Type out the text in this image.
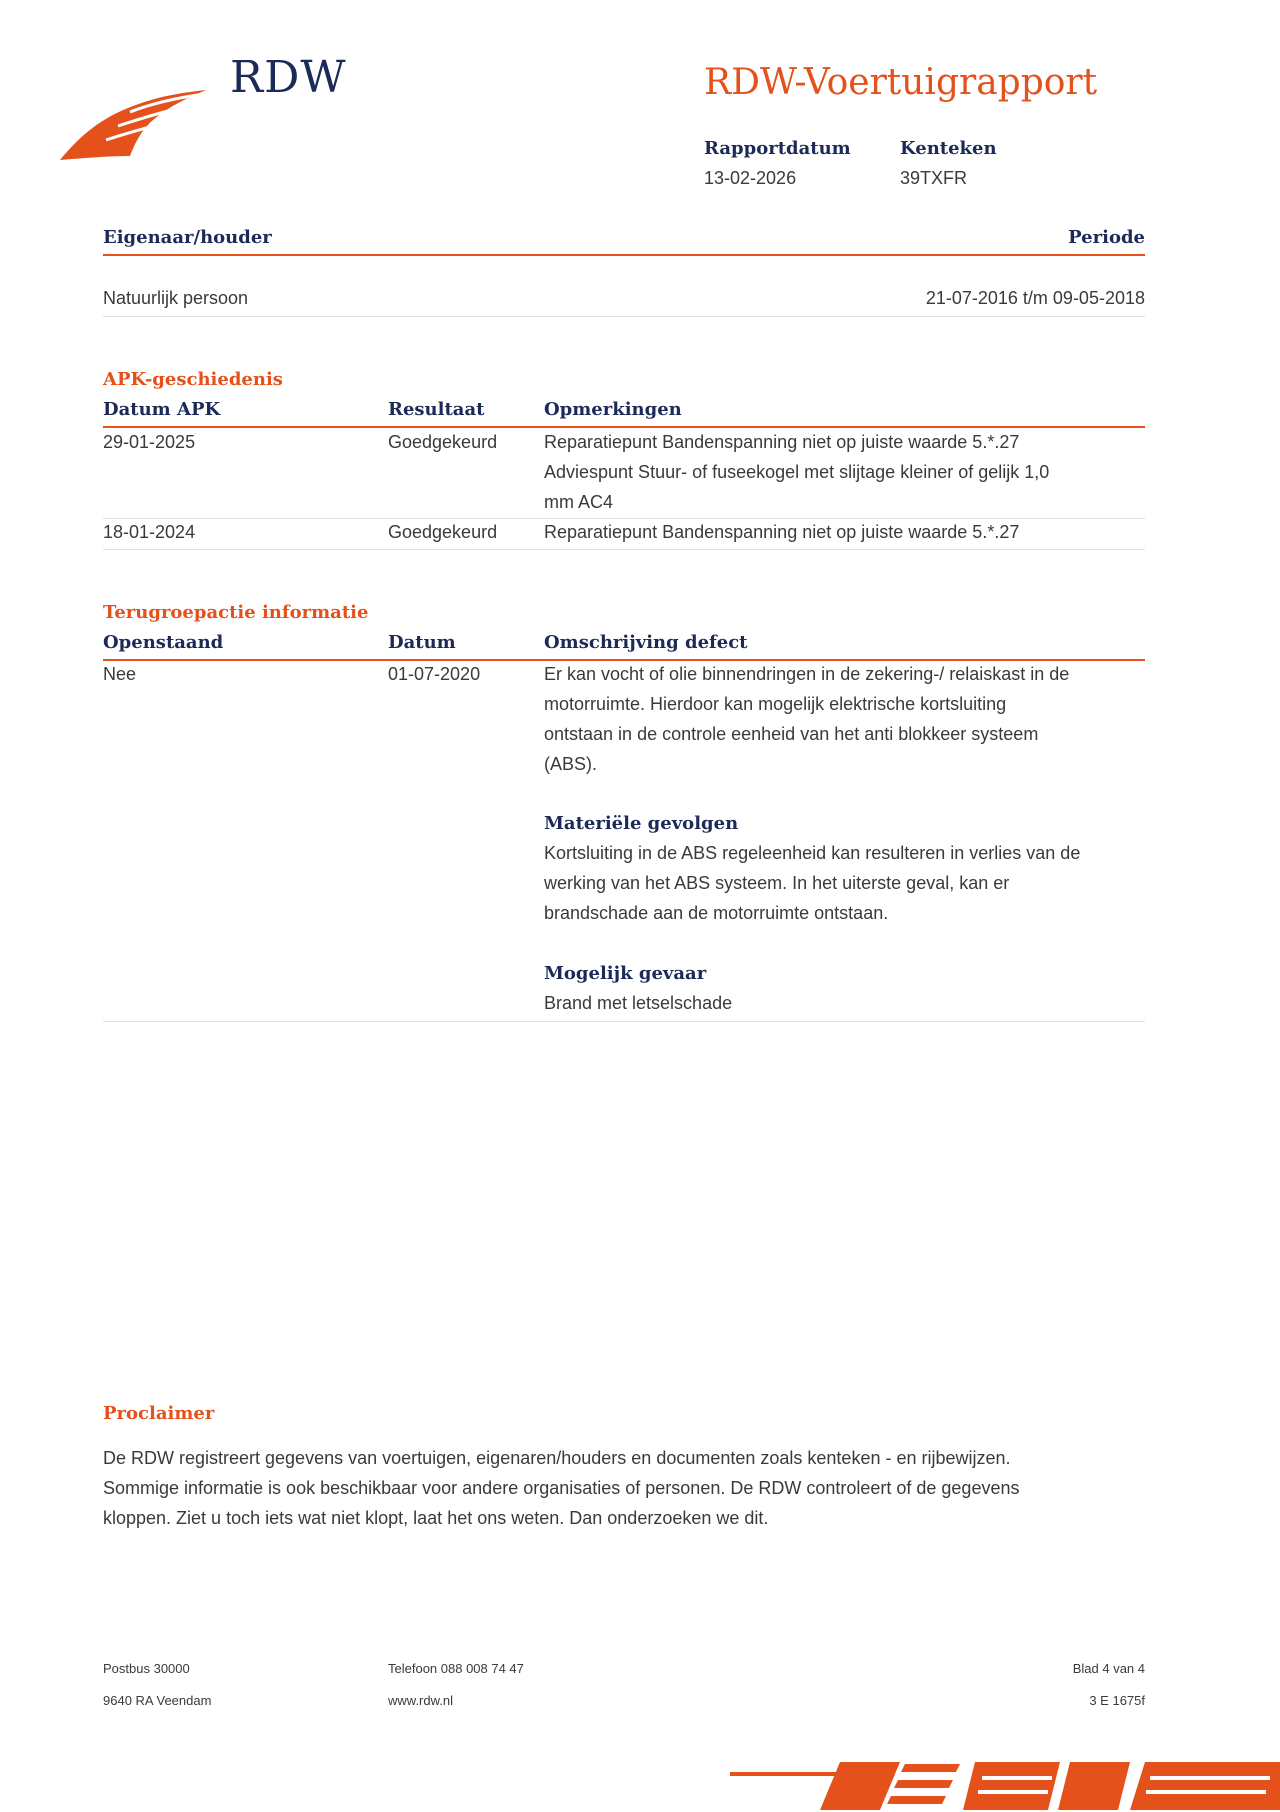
RDW	RDW-Voertuigrapport
Rapportdatum
13-02-2026
Kenteken
39TXFR
Eigenaar/houder	Periode
Natuurlijk persoon	21-07-2016 t/m 09-05-2018
APK-geschiedenis
Datum APK	Resultaat	Opmerkingen
29-01-2025	Goedgekeurd	Reparatiepunt Bandenspanning niet op juiste waarde 5.*.27
Adviespunt Stuur- of fuseekogel met slijtage kleiner of gelijk 1,0
mm AC4
18-01-2024	Goedgekeurd	Reparatiepunt Bandenspanning niet op juiste waarde 5.*.27
Terugroepactie informatie
Openstaand	Datum	Omschrijving defect
Nee	01-07-2020	Er kan vocht of olie binnendringen in de zekering-/ relaiskast in de
motorruimte. Hierdoor kan mogelijk elektrische kortsluiting
ontstaan in de controle eenheid van het anti blokkeer systeem
(ABS).
Materiële gevolgen
Kortsluiting in de ABS regeleenheid kan resulteren in verlies van de
werking van het ABS systeem. In het uiterste geval, kan er
brandschade aan de motorruimte ontstaan.
Mogelijk gevaar
Brand met letselschade
Proclaimer
De RDW registreert gegevens van voertuigen, eigenaren/houders en documenten zoals kenteken - en rijbewijzen.
Sommige informatie is ook beschikbaar voor andere organisaties of personen. De RDW controleert of de gegevens
kloppen. Ziet u toch iets wat niet klopt, laat het ons weten. Dan onderzoeken we dit.
Postbus 30000
9640 RA Veendam
Telefoon 088 008 74 47
www.rdw.nl
Blad 4 van 4
3 E 1675f
